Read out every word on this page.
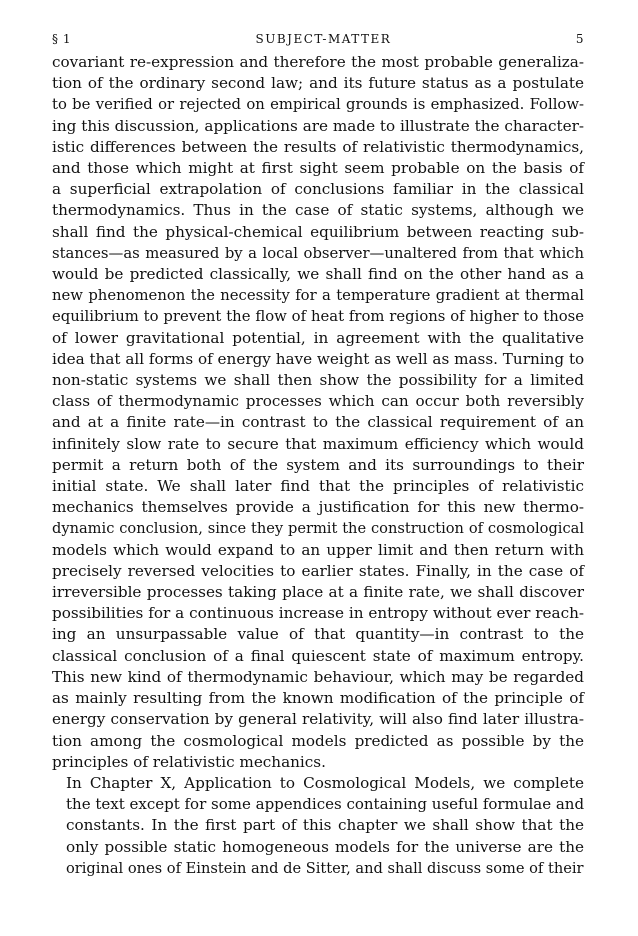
§ 1	SUBJECT-MATTER	5

covariant re-expression and therefore the most probable generaliza-
tion of the ordinary second law; and its future status as a postulate
to be verified or rejected on empirical grounds is emphasized. Follow-
ing this discussion, applications are made to illustrate the character-
istic differences between the results of relativistic thermodynamics,
and those which might at first sight seem probable on the basis of
a superficial extrapolation of conclusions familiar in the classical
thermodynamics. Thus in the case of static systems, although we
shall find the physical-chemical equilibrium between reacting sub-
stances—as measured by a local observer—unaltered from that which
would be predicted classically, we shall find on the other hand as a
new phenomenon the necessity for a temperature gradient at thermal
equilibrium to prevent the flow of heat from regions of higher to those
of lower gravitational potential, in agreement with the qualitative
idea that all forms of energy have weight as well as mass. Turning to
non-static systems we shall then show the possibility for a limited
class of thermodynamic processes which can occur both reversibly
and at a finite rate—in contrast to the classical requirement of an
infinitely slow rate to secure that maximum efficiency which would
permit a return both of the system and its surroundings to their
initial state. We shall later find that the principles of relativistic
mechanics themselves provide a justification for this new thermo-
dynamic conclusion, since they permit the construction of cosmological
models which would expand to an upper limit and then return with
precisely reversed velocities to earlier states. Finally, in the case of
irreversible processes taking place at a finite rate, we shall discover
possibilities for a continuous increase in entropy without ever reach-
ing an unsurpassable value of that quantity—in contrast to the
classical conclusion of a final quiescent state of maximum entropy.
This new kind of thermodynamic behaviour, which may be regarded
as mainly resulting from the known modification of the principle of
energy conservation by general relativity, will also find later illustra-
tion among the cosmological models predicted as possible by the
principles of relativistic mechanics.

In Chapter X, Application to Cosmological Models, we complete
the text except for some appendices containing useful formulae and
constants. In the first part of this chapter we shall show that the
only possible static homogeneous models for the universe are the
original ones of Einstein and de Sitter, and shall discuss some of their
